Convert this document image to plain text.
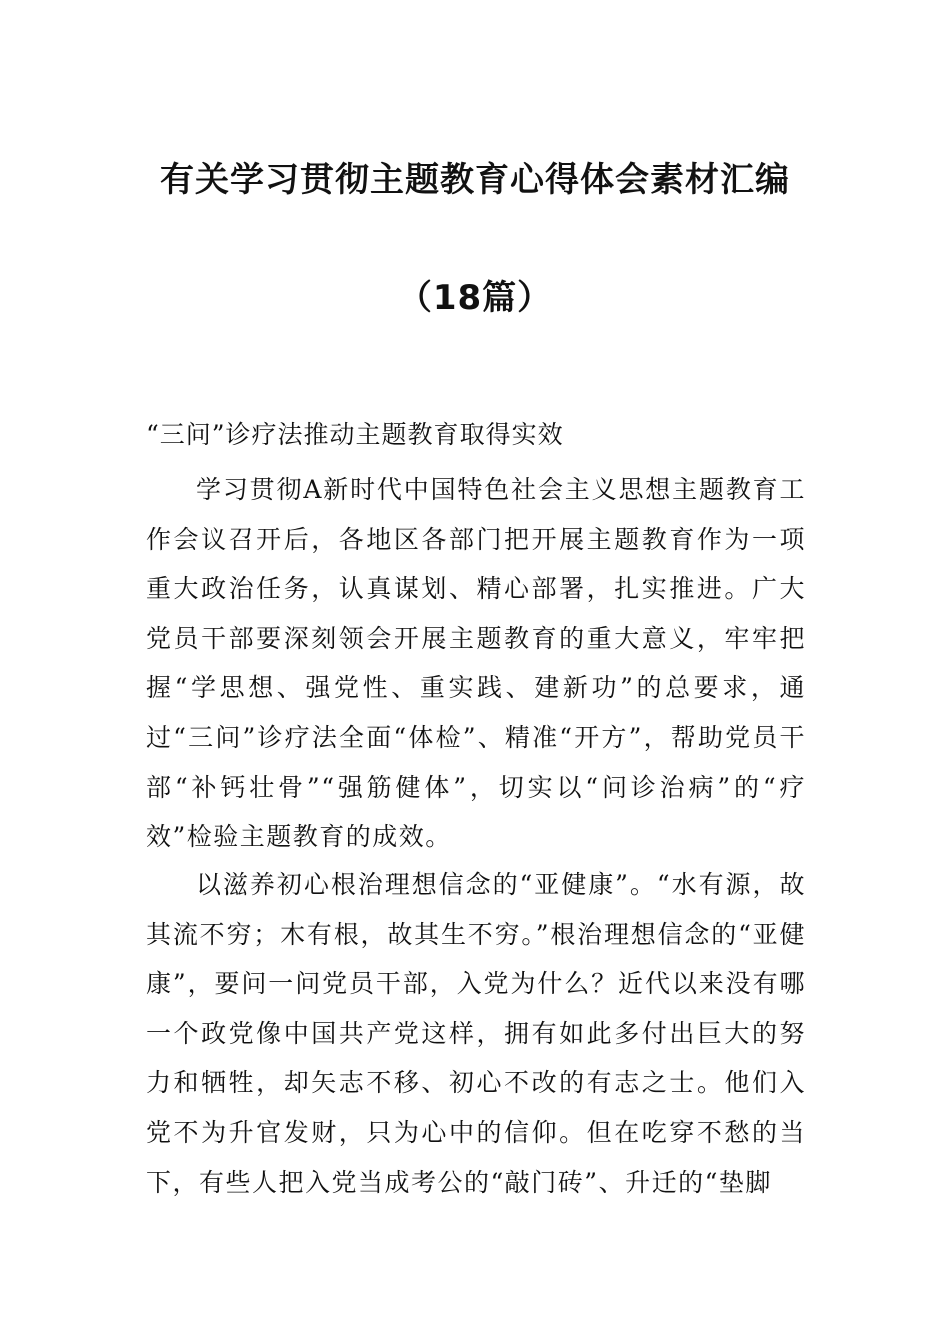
有关学习贯彻主题教育心得体会素材汇编
（18篇）
“三问”诊疗法推动主题教育取得实效

学习贯彻A新时代中国特色社会主义思想主题教育工作会议召开后，各地区各部门把开展主题教育作为一项重大政治任务，认真谋划、精心部署，扎实推进。广大党员干部要深刻领会开展主题教育的重大意义，牢牢把握“学思想、强党性、重实践、建新功”的总要求，通过“三问”诊疗法全面“体检”、精准“开方”，帮助党员干部“补钙壮骨”“强筋健体”，切实以“问诊治病”的“疗效”检验主题教育的成效。

以滋养初心根治理想信念的“亚健康”。“水有源，故其流不穷；木有根，故其生不穷。”根治理想信念的“亚健康”，要问一问党员干部，入党为什么？近代以来没有哪一个政党像中国共产党这样，拥有如此多付出巨大的努力和牺牲，却矢志不移、初心不改的有志之士。他们入党不为升官发财，只为心中的信仰。但在吃穿不愁的当下，有些人把入党当成考公的“敲门砖”、升迁的“垫脚
